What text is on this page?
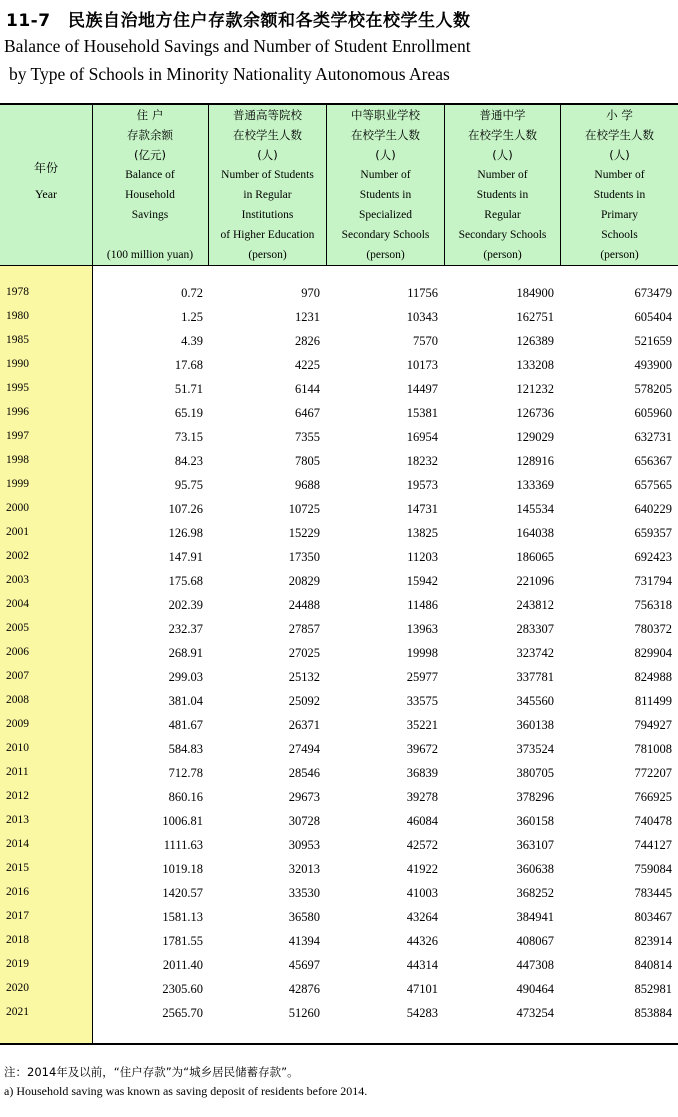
11-7　民族自治地方住户存款余额和各类学校在校学生人数
Balance of Household Savings and Number of Student Enrollment
by Type of Schools in Minority Nationality Autonomous Areas
年份
Year
住 户
存款余额
(亿元)
Balance of
Household
Savings
(100 million yuan)
普通高等院校
在校学生人数
(人)
Number of Students
in Regular
Institutions
of Higher Education
(person)
中等职业学校
在校学生人数
(人)
Number of
Students in
Specialized
Secondary Schools
(person)
普通中学
在校学生人数
(人)
Number of
Students in
Regular
Secondary Schools
(person)
小 学
在校学生人数
(人)
Number of
Students in
Primary
Schools
(person)
1978	0.72	970	11756	184900	673479
1980	1.25	1231	10343	162751	605404
1985	4.39	2826	7570	126389	521659
1990	17.68	4225	10173	133208	493900
1995	51.71	6144	14497	121232	578205
1996	65.19	6467	15381	126736	605960
1997	73.15	7355	16954	129029	632731
1998	84.23	7805	18232	128916	656367
1999	95.75	9688	19573	133369	657565
2000	107.26	10725	14731	145534	640229
2001	126.98	15229	13825	164038	659357
2002	147.91	17350	11203	186065	692423
2003	175.68	20829	15942	221096	731794
2004	202.39	24488	11486	243812	756318
2005	232.37	27857	13963	283307	780372
2006	268.91	27025	19998	323742	829904
2007	299.03	25132	25977	337781	824988
2008	381.04	25092	33575	345560	811499
2009	481.67	26371	35221	360138	794927
2010	584.83	27494	39672	373524	781008
2011	712.78	28546	36839	380705	772207
2012	860.16	29673	39278	378296	766925
2013	1006.81	30728	46084	360158	740478
2014	1111.63	30953	42572	363107	744127
2015	1019.18	32013	41922	360638	759084
2016	1420.57	33530	41003	368252	783445
2017	1581.13	36580	43264	384941	803467
2018	1781.55	41394	44326	408067	823914
2019	2011.40	45697	44314	447308	840814
2020	2305.60	42876	47101	490464	852981
2021	2565.70	51260	54283	473254	853884
注：2014年及以前，“住户存款”为“城乡居民储蓄存款”。
a) Household saving was known as saving deposit of residents before 2014.
